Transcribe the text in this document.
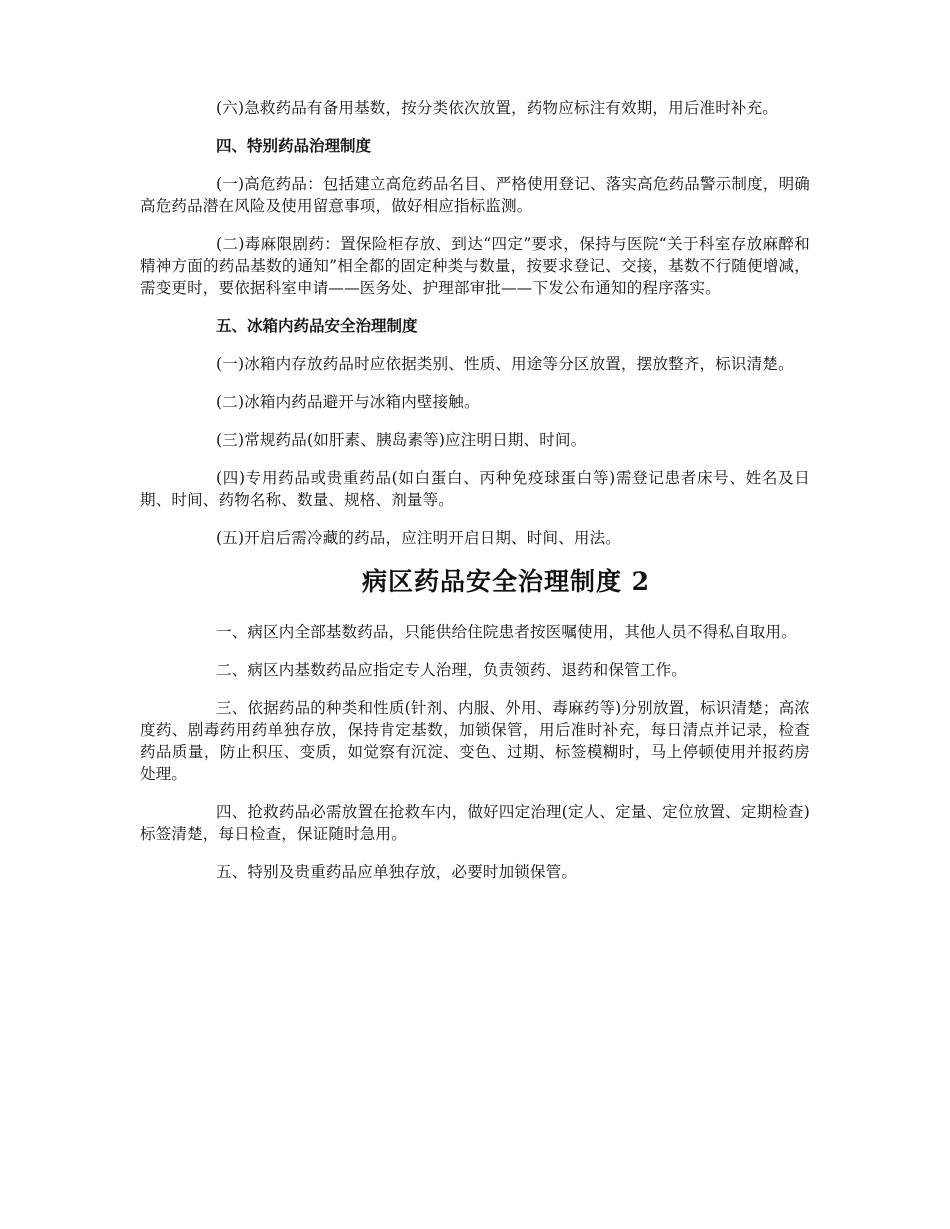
(六)急救药品有备用基数，按分类依次放置，药物应标注有效期，用后准时补充。

四、特别药品治理制度

(一)高危药品：包括建立高危药品名目、严格使用登记、落实高危药品警示制度，明确高危药品潜在风险及使用留意事项，做好相应指标监测。

(二)毒麻限剧药：置保险柜存放、到达“四定”要求，保持与医院“关于科室存放麻醉和精神方面的药品基数的通知”相全都的固定种类与数量，按要求登记、交接，基数不行随便增减，需变更时，要依据科室申请——医务处、护理部审批——下发公布通知的程序落实。

五、冰箱内药品安全治理制度

(一)冰箱内存放药品时应依据类别、性质、用途等分区放置，摆放整齐，标识清楚。

(二)冰箱内药品避开与冰箱内壁接触。

(三)常规药品(如肝素、胰岛素等)应注明日期、时间。

(四)专用药品或贵重药品(如白蛋白、丙种免疫球蛋白等)需登记患者床号、姓名及日期、时间、药物名称、数量、规格、剂量等。

(五)开启后需冷藏的药品，应注明开启日期、时间、用法。

病区药品安全治理制度 2

一、病区内全部基数药品，只能供给住院患者按医嘱使用，其他人员不得私自取用。

二、病区内基数药品应指定专人治理，负责领药、退药和保管工作。

三、依据药品的种类和性质(针剂、内服、外用、毒麻药等)分别放置，标识清楚；高浓度药、剧毒药用药单独存放，保持肯定基数，加锁保管，用后准时补充，每日清点并记录，检查药品质量，防止积压、变质，如觉察有沉淀、变色、过期、标签模糊时，马上停顿使用并报药房处理。

四、抢救药品必需放置在抢救车内，做好四定治理(定人、定量、定位放置、定期检查)标签清楚，每日检查，保证随时急用。

五、特别及贵重药品应单独存放，必要时加锁保管。
